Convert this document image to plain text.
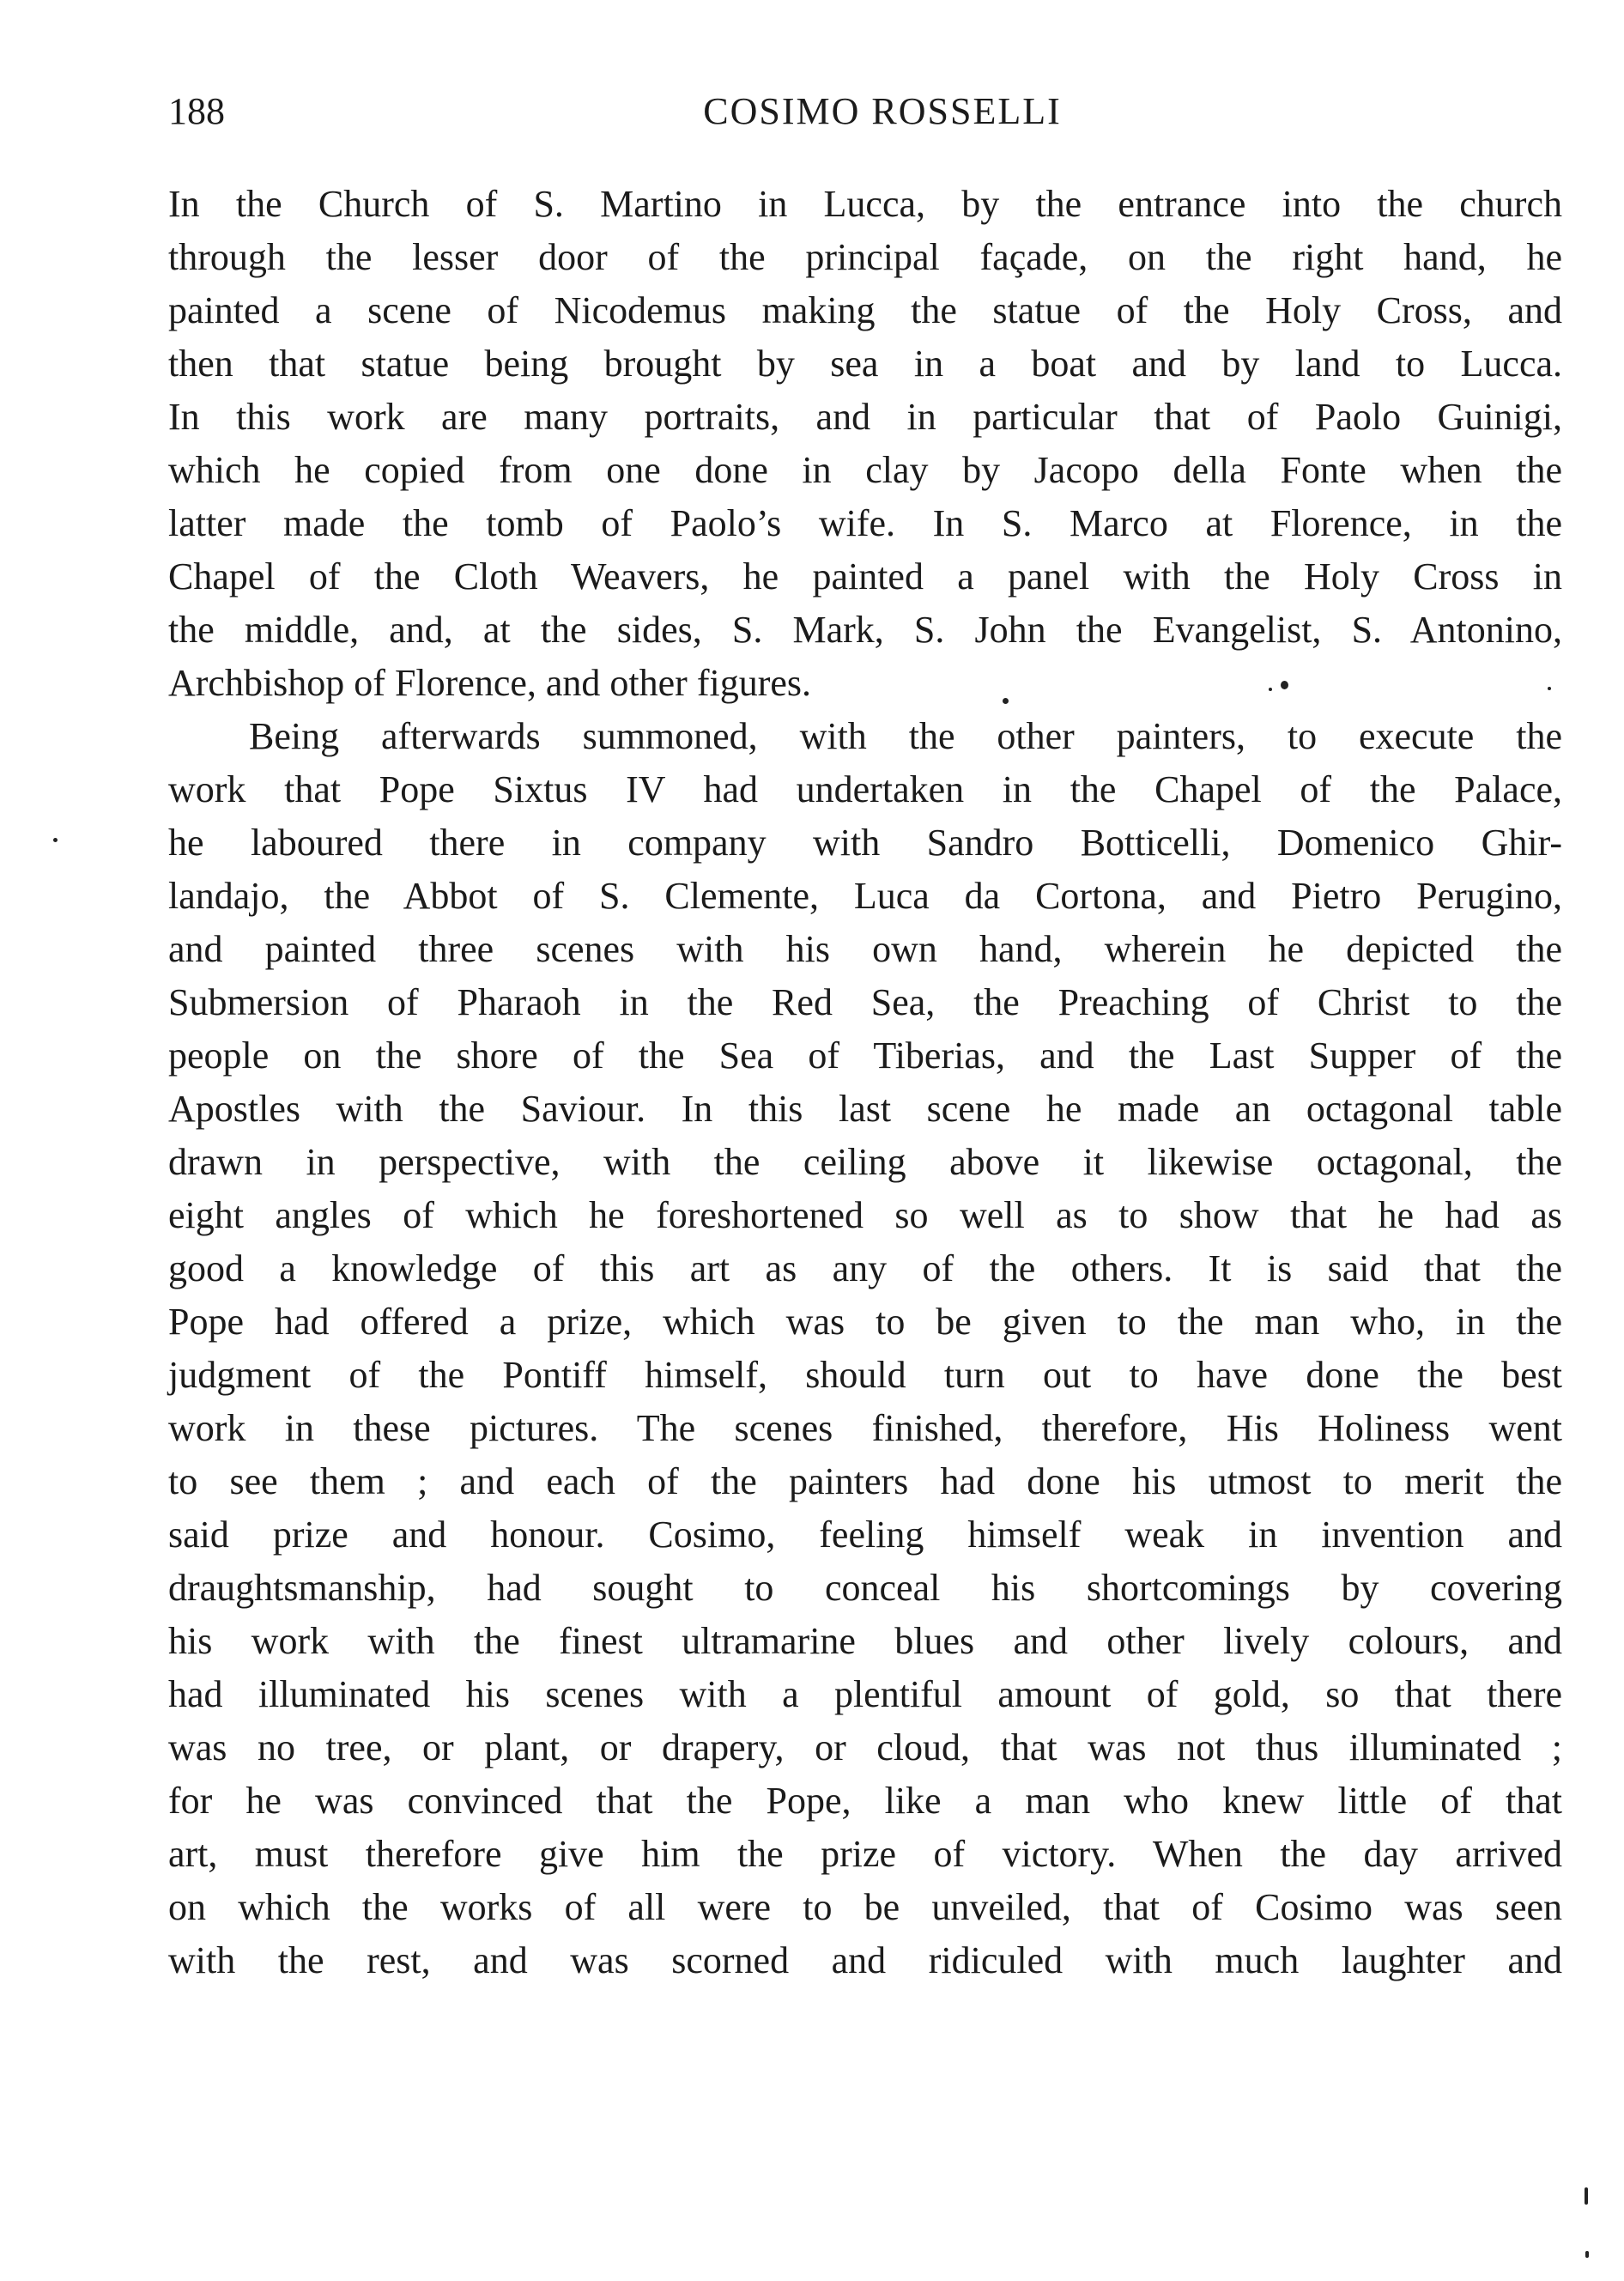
188	COSIMO ROSSELLI
In the Church of S. Martino in Lucca, by the entrance into the church
through the lesser door of the principal façade, on the right hand, he
painted a scene of Nicodemus making the statue of the Holy Cross, and
then that statue being brought by sea in a boat and by land to Lucca.
In this work are many portraits, and in particular that of Paolo Guinigi,
which he copied from one done in clay by Jacopo della Fonte when the
latter made the tomb of Paolo’s wife. In S. Marco at Florence, in the
Chapel of the Cloth Weavers, he painted a panel with the Holy Cross in
the middle, and, at the sides, S. Mark, S. John the Evangelist, S. Antonino,
Archbishop of Florence, and other figures.
Being afterwards summoned, with the other painters, to execute the
work that Pope Sixtus IV had undertaken in the Chapel of the Palace,
he laboured there in company with Sandro Botticelli, Domenico Ghir-
landajo, the Abbot of S. Clemente, Luca da Cortona, and Pietro Perugino,
and painted three scenes with his own hand, wherein he depicted the
Submersion of Pharaoh in the Red Sea, the Preaching of Christ to the
people on the shore of the Sea of Tiberias, and the Last Supper of the
Apostles with the Saviour. In this last scene he made an octagonal table
drawn in perspective, with the ceiling above it likewise octagonal, the
eight angles of which he foreshortened so well as to show that he had as
good a knowledge of this art as any of the others. It is said that the
Pope had offered a prize, which was to be given to the man who, in the
judgment of the Pontiff himself, should turn out to have done the best
work in these pictures. The scenes finished, therefore, His Holiness went
to see them ; and each of the painters had done his utmost to merit the
said prize and honour. Cosimo, feeling himself weak in invention and
draughtsmanship, had sought to conceal his shortcomings by covering
his work with the finest ultramarine blues and other lively colours, and
had illuminated his scenes with a plentiful amount of gold, so that there
was no tree, or plant, or drapery, or cloud, that was not thus illuminated ;
for he was convinced that the Pope, like a man who knew little of that
art, must therefore give him the prize of victory. When the day arrived
on which the works of all were to be unveiled, that of Cosimo was seen
with the rest, and was scorned and ridiculed with much laughter and
